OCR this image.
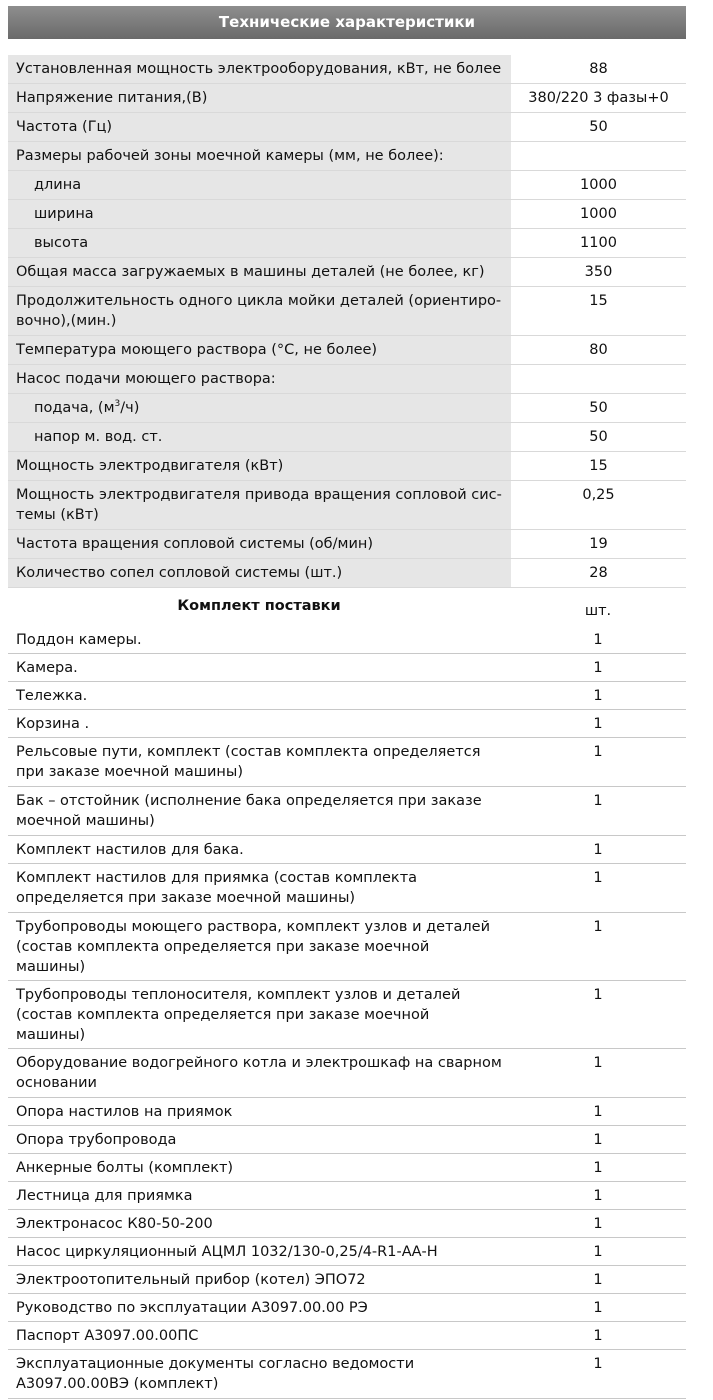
Технические характеристики
Установленная мощность электрооборудования, кВт, не более	88
Напряжение питания,(В)	380/220 3 фазы+0
Частота (Гц)	50
Размеры рабочей зоны моечной камеры (мм, не более):	
длина	1000
ширина	1000
высота	1100
Общая масса загружаемых в машины деталей (не более, кг)	350
Продолжительность одного цикла мойки деталей (ориентиро-вочно),(мин.)	15
Температура моющего раствора (°С, не более)	80
Насос подачи моющего раствора:	
подача, $(м^3/ч)$	50
напор м. вод. ст.	50
Мощность электродвигателя (кВт)	15
Мощность электродвигателя привода вращения сопловой сис-темы (кВт)	0,25
Частота вращения сопловой системы (об/мин)	19
Количество сопел сопловой системы (шт.)	28
Комплект поставки	шт.
Поддон камеры.	1
Камера.	1
Тележка.	1
Корзина .	1
Рельсовые пути, комплект (состав комплекта определяется при заказе моечной машины)	1
Бак – отстойник (исполнение бака определяется при заказе моечной машины)	1
Комплект настилов для бака.	1
Комплект настилов для приямка (состав комплекта определяется при заказе моечной машины)	1
Трубопроводы моющего раствора, комплект узлов и деталей (состав комплекта определяется при заказе моечной машины)	1
Трубопроводы теплоносителя, комплект узлов и деталей (состав комплекта определяется при заказе моечной машины)	1
Оборудование водогрейного котла и электрошкаф на сварном основании	1
Опора настилов на приямок	1
Опора трубопровода	1
Анкерные болты (комплект)	1
Лестница для приямка	1
Электронасос К80-50-200	1
Насос циркуляционный АЦМЛ 1032/130-0,25/4-R1-АА-Н	1
Электроотопительный прибор (котел) ЭПО72	1
Руководство по эксплуатации А3097.00.00 РЭ	1
Паспорт А3097.00.00ПС	1
Эксплуатационные документы согласно ведомости А3097.00.00ВЭ (комплект)	1
